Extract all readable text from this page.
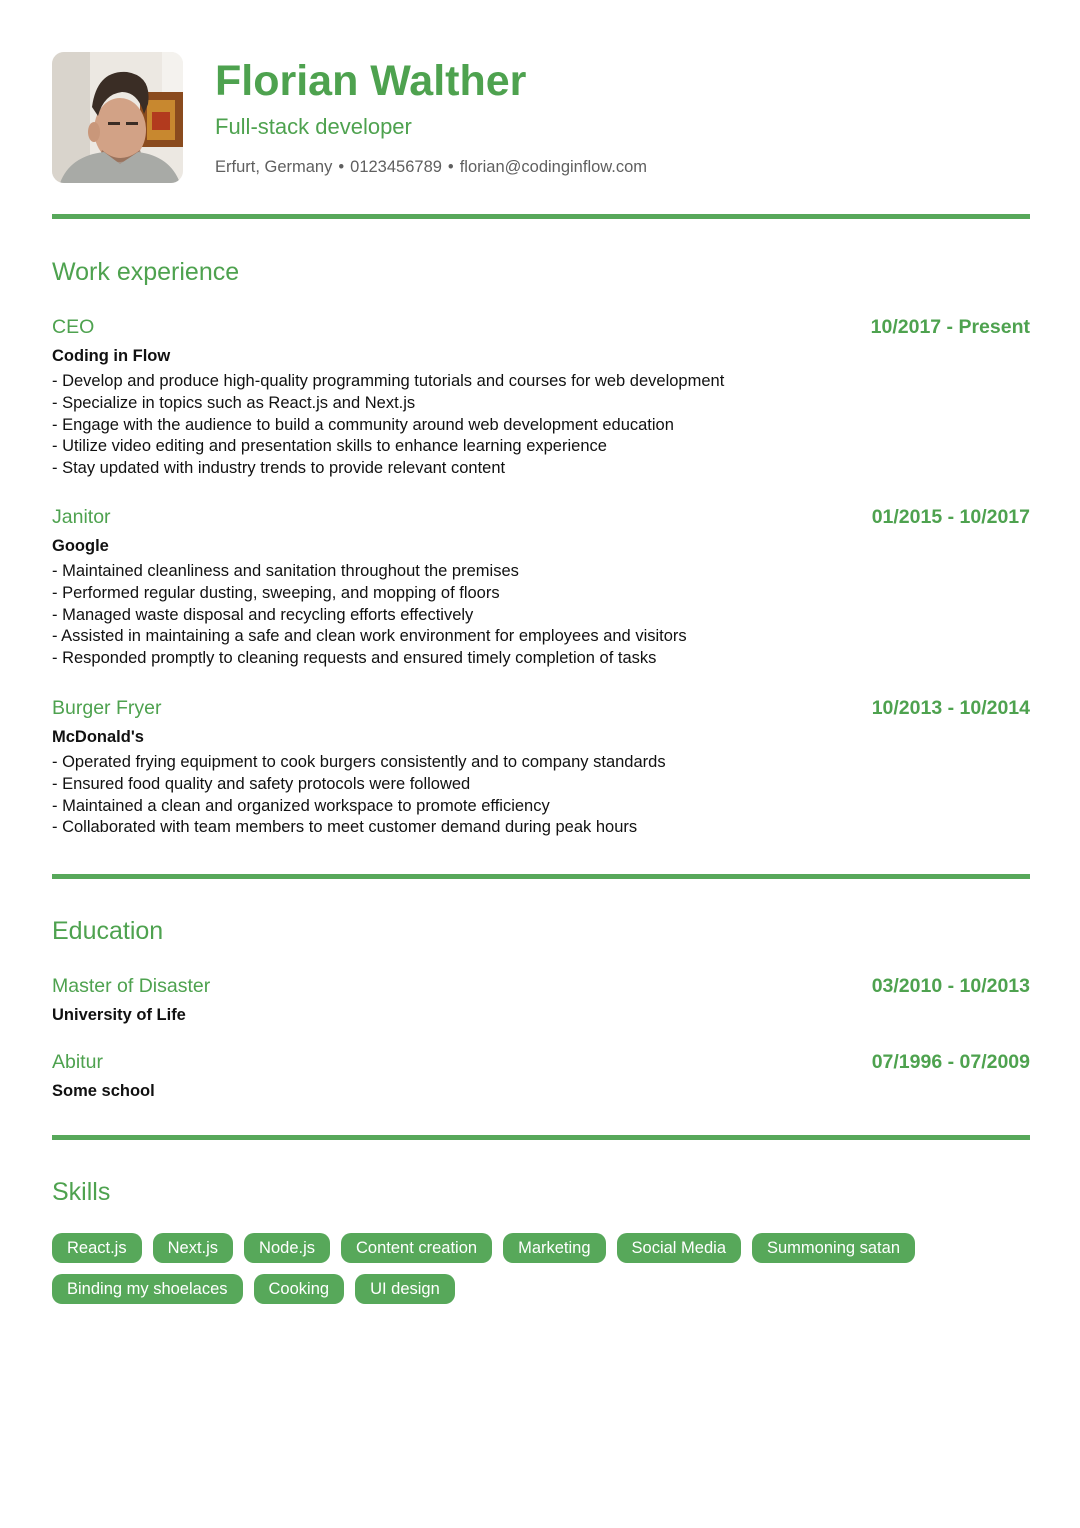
Florian Walther
Full-stack developer
Erfurt, Germany • 0123456789 • florian@codinginflow.com
Work experience
CEO	10/2017 - Present
Coding in Flow
- Develop and produce high-quality programming tutorials and courses for web development
- Specialize in topics such as React.js and Next.js
- Engage with the audience to build a community around web development education
- Utilize video editing and presentation skills to enhance learning experience
- Stay updated with industry trends to provide relevant content
Janitor	01/2015 - 10/2017
Google
- Maintained cleanliness and sanitation throughout the premises
- Performed regular dusting, sweeping, and mopping of floors
- Managed waste disposal and recycling efforts effectively
- Assisted in maintaining a safe and clean work environment for employees and visitors
- Responded promptly to cleaning requests and ensured timely completion of tasks
Burger Fryer	10/2013 - 10/2014
McDonald's
- Operated frying equipment to cook burgers consistently and to company standards
- Ensured food quality and safety protocols were followed
- Maintained a clean and organized workspace to promote efficiency
- Collaborated with team members to meet customer demand during peak hours
Education
Master of Disaster	03/2010 - 10/2013
University of Life
Abitur	07/1996 - 07/2009
Some school
Skills
React.js	Next.js	Node.js	Content creation	Marketing	Social Media	Summoning satan
Binding my shoelaces	Cooking	UI design
